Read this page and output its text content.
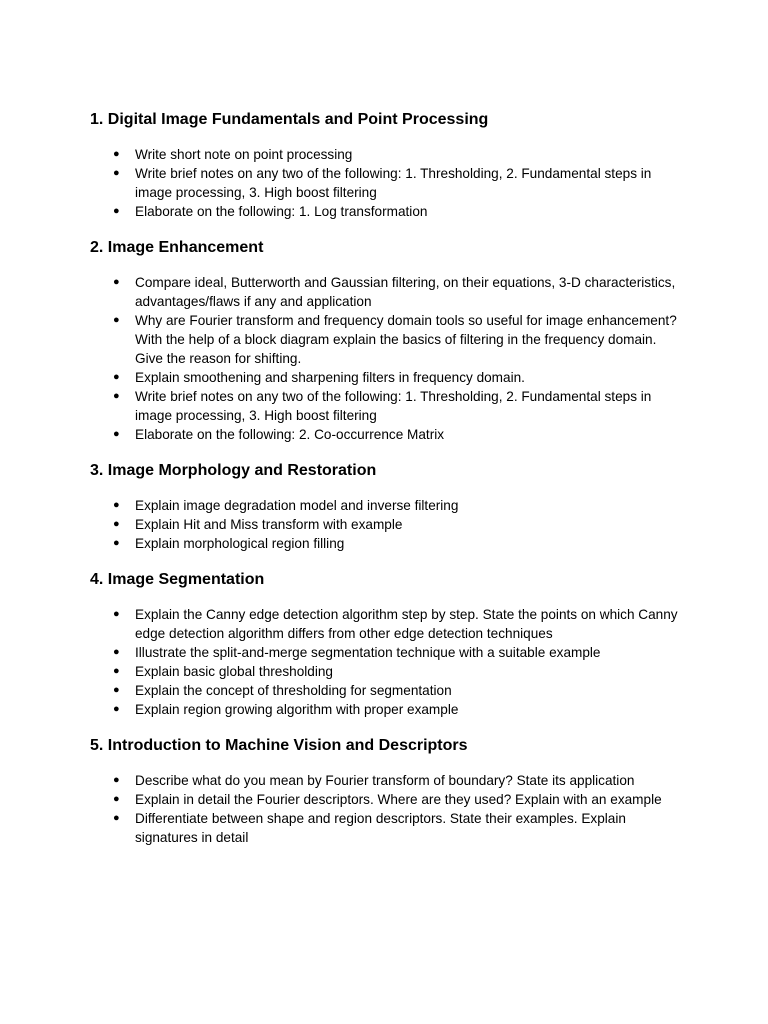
1. Digital Image Fundamentals and Point Processing
● Write short note on point processing
● Write brief notes on any two of the following: 1. Thresholding, 2. Fundamental steps in image processing, 3. High boost filtering
● Elaborate on the following: 1. Log transformation
2. Image Enhancement
● Compare ideal, Butterworth and Gaussian filtering, on their equations, 3-D characteristics, advantages/flaws if any and application
● Why are Fourier transform and frequency domain tools so useful for image enhancement? With the help of a block diagram explain the basics of filtering in the frequency domain. Give the reason for shifting.
● Explain smoothening and sharpening filters in frequency domain.
● Write brief notes on any two of the following: 1. Thresholding, 2. Fundamental steps in image processing, 3. High boost filtering
● Elaborate on the following: 2. Co-occurrence Matrix
3. Image Morphology and Restoration
● Explain image degradation model and inverse filtering
● Explain Hit and Miss transform with example
● Explain morphological region filling
4. Image Segmentation
● Explain the Canny edge detection algorithm step by step. State the points on which Canny edge detection algorithm differs from other edge detection techniques
● Illustrate the split-and-merge segmentation technique with a suitable example
● Explain basic global thresholding
● Explain the concept of thresholding for segmentation
● Explain region growing algorithm with proper example
5. Introduction to Machine Vision and Descriptors
● Describe what do you mean by Fourier transform of boundary? State its application
● Explain in detail the Fourier descriptors. Where are they used? Explain with an example
● Differentiate between shape and region descriptors. State their examples. Explain signatures in detail
